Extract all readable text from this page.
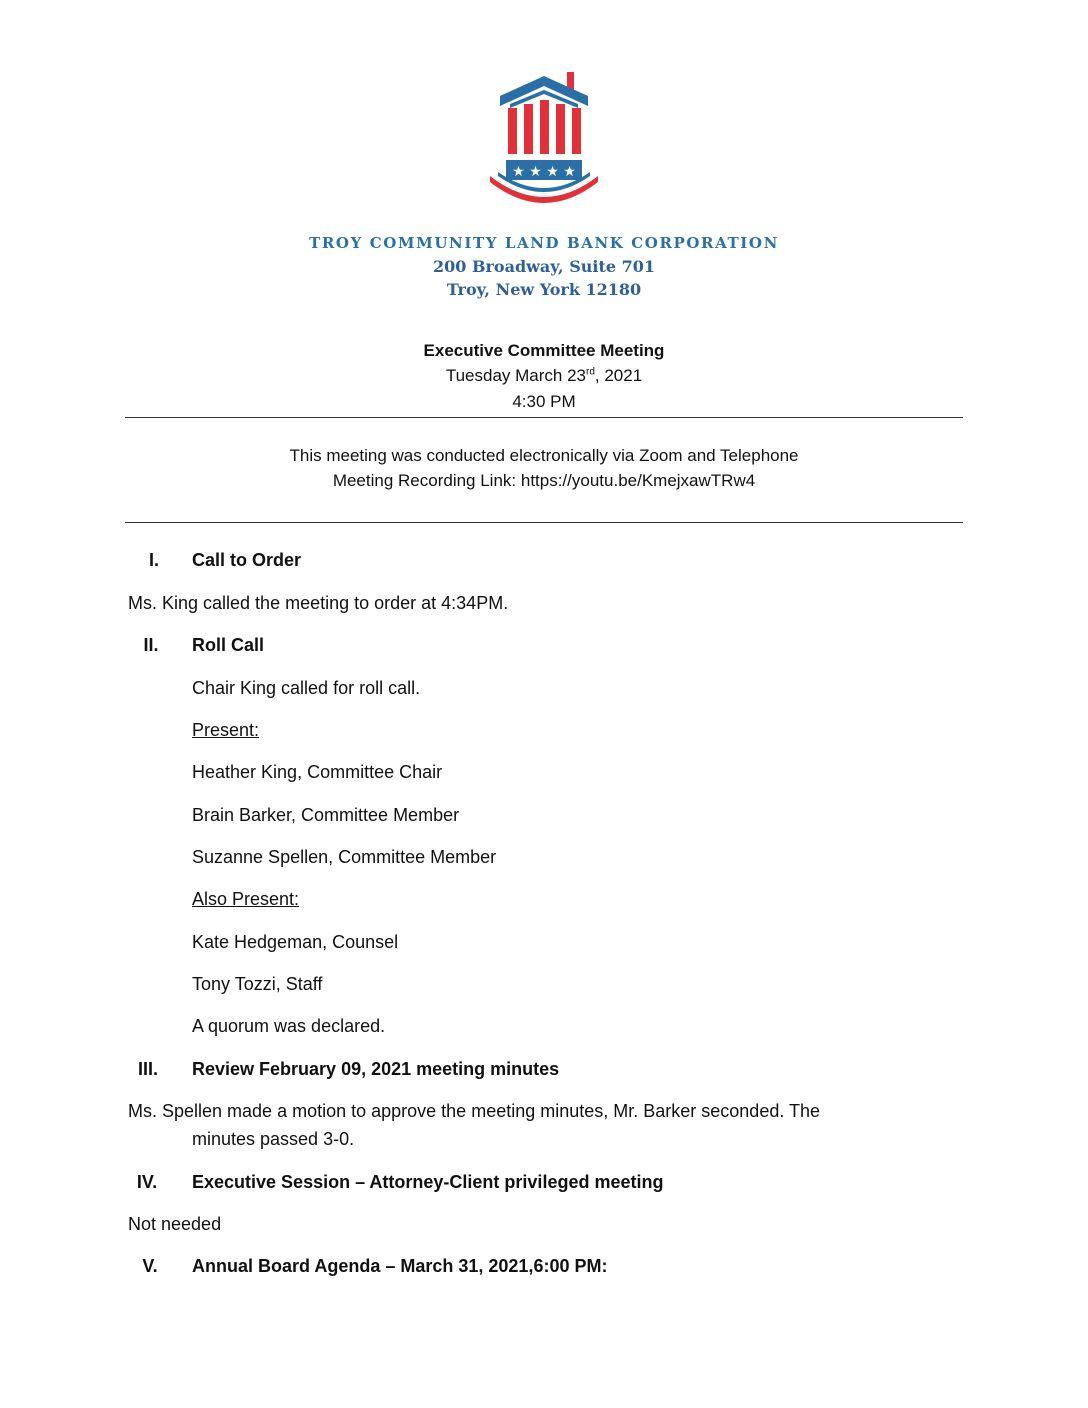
★ ★ ★ ★
TROY COMMUNITY LAND BANK CORPORATION
200 Broadway, Suite 701
Troy, New York 12180
Executive Committee Meeting
Tuesday March 23rd, 2021
4:30 PM
This meeting was conducted electronically via Zoom and Telephone
Meeting Recording Link: https://youtu.be/KmejxawTRw4
I.	Call to Order
Ms. King called the meeting to order at 4:34PM.
II.	Roll Call
Chair King called for roll call.
Present:
Heather King, Committee Chair
Brain Barker, Committee Member
Suzanne Spellen, Committee Member
Also Present:
Kate Hedgeman, Counsel
Tony Tozzi, Staff
A quorum was declared.
III.	Review February 09, 2021 meeting minutes
Ms. Spellen made a motion to approve the meeting minutes, Mr. Barker seconded. The
minutes passed 3-0.
IV.	Executive Session – Attorney-Client privileged meeting
Not needed
V.	Annual Board Agenda – March 31, 2021,6:00 PM:
